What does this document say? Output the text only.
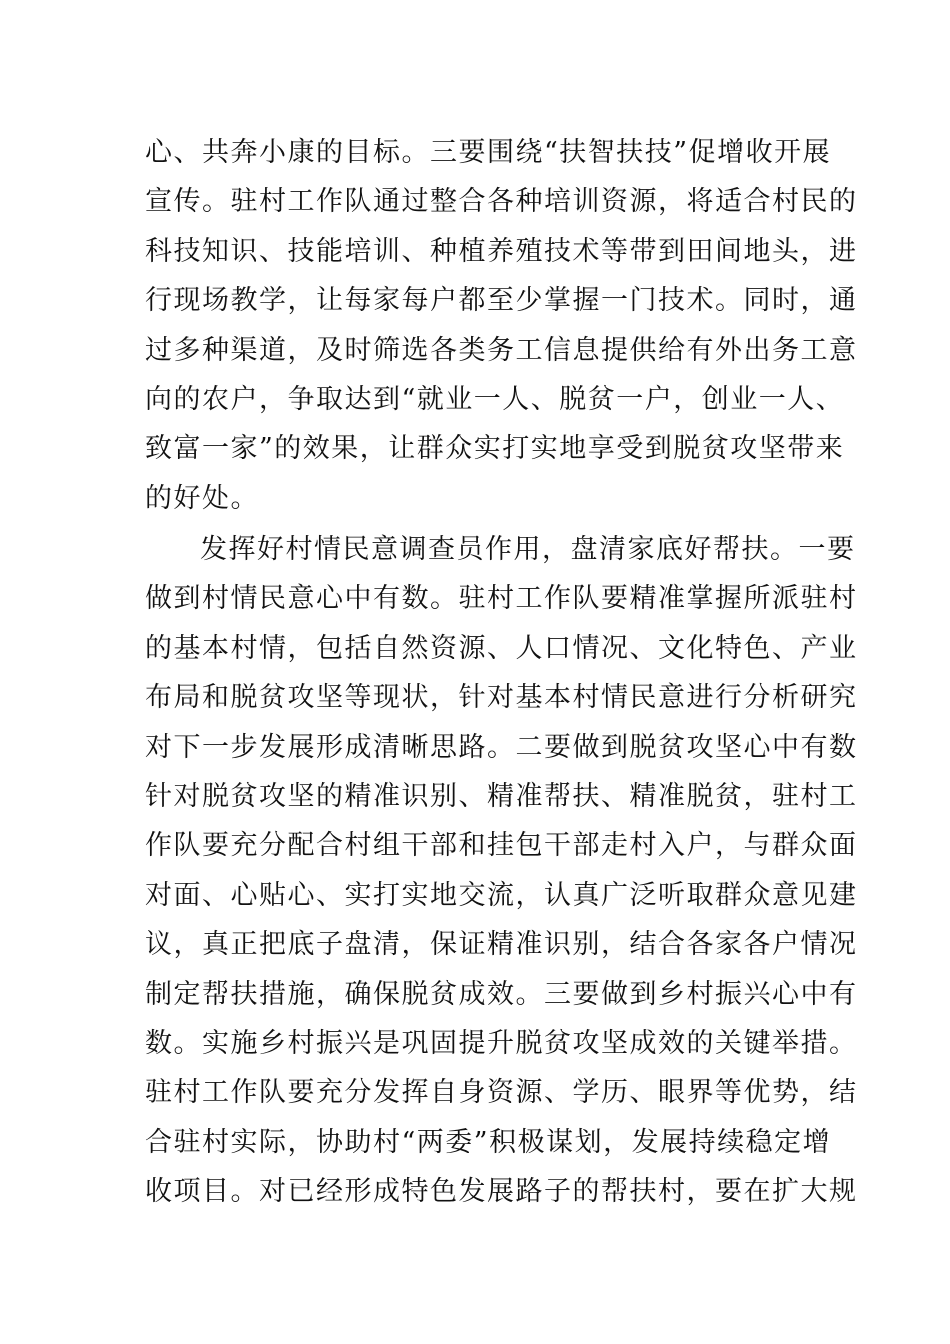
心、共奔小康的目标。三要围绕“扶智扶技”促增收开展
宣传。驻村工作队通过整合各种培训资源，将适合村民的
科技知识、技能培训、种植养殖技术等带到田间地头，进
行现场教学，让每家每户都至少掌握一门技术。同时，通
过多种渠道，及时筛选各类务工信息提供给有外出务工意
向的农户，争取达到“就业一人、脱贫一户，创业一人、
致富一家”的效果，让群众实打实地享受到脱贫攻坚带来
的好处。
发挥好村情民意调查员作用，盘清家底好帮扶。一要
做到村情民意心中有数。驻村工作队要精准掌握所派驻村
的基本村情，包括自然资源、人口情况、文化特色、产业
布局和脱贫攻坚等现状，针对基本村情民意进行分析研究
对下一步发展形成清晰思路。二要做到脱贫攻坚心中有数
针对脱贫攻坚的精准识别、精准帮扶、精准脱贫，驻村工
作队要充分配合村组干部和挂包干部走村入户，与群众面
对面、心贴心、实打实地交流，认真广泛听取群众意见建
议，真正把底子盘清，保证精准识别，结合各家各户情况
制定帮扶措施，确保脱贫成效。三要做到乡村振兴心中有
数。实施乡村振兴是巩固提升脱贫攻坚成效的关键举措。
驻村工作队要充分发挥自身资源、学历、眼界等优势，结
合驻村实际，协助村“两委”积极谋划，发展持续稳定增
收项目。对已经形成特色发展路子的帮扶村，要在扩大规
